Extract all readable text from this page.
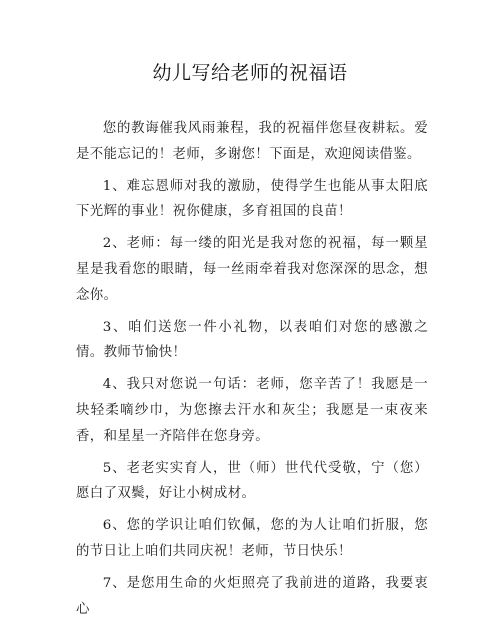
幼儿写给老师的祝福语

您的教诲催我风雨兼程，我的祝福伴您昼夜耕耘。爱是不能忘记的！老师，多谢您！下面是，欢迎阅读借鉴。

1、难忘恩师对我的激励，使得学生也能从事太阳底下光辉的事业！祝你健康，多育祖国的良苗！

2、老师：每一缕的阳光是我对您的祝福，每一颗星星是我看您的眼睛，每一丝雨牵着我对您深深的思念，想念你。

3、咱们送您一件小礼物，以表咱们对您的感激之情。教师节愉快！

4、我只对您说一句话：老师，您辛苦了！我愿是一块轻柔嘀纱巾，为您擦去汗水和灰尘；我愿是一束夜来香，和星星一齐陪伴在您身旁。

5、老老实实育人，世（师）世代代受敬，宁（您）愿白了双鬓，好让小树成材。

6、您的学识让咱们钦佩，您的为人让咱们折服，您的节日让上咱们共同庆祝！老师，节日快乐！

7、是您用生命的火炬照亮了我前进的道路，我要衷心
